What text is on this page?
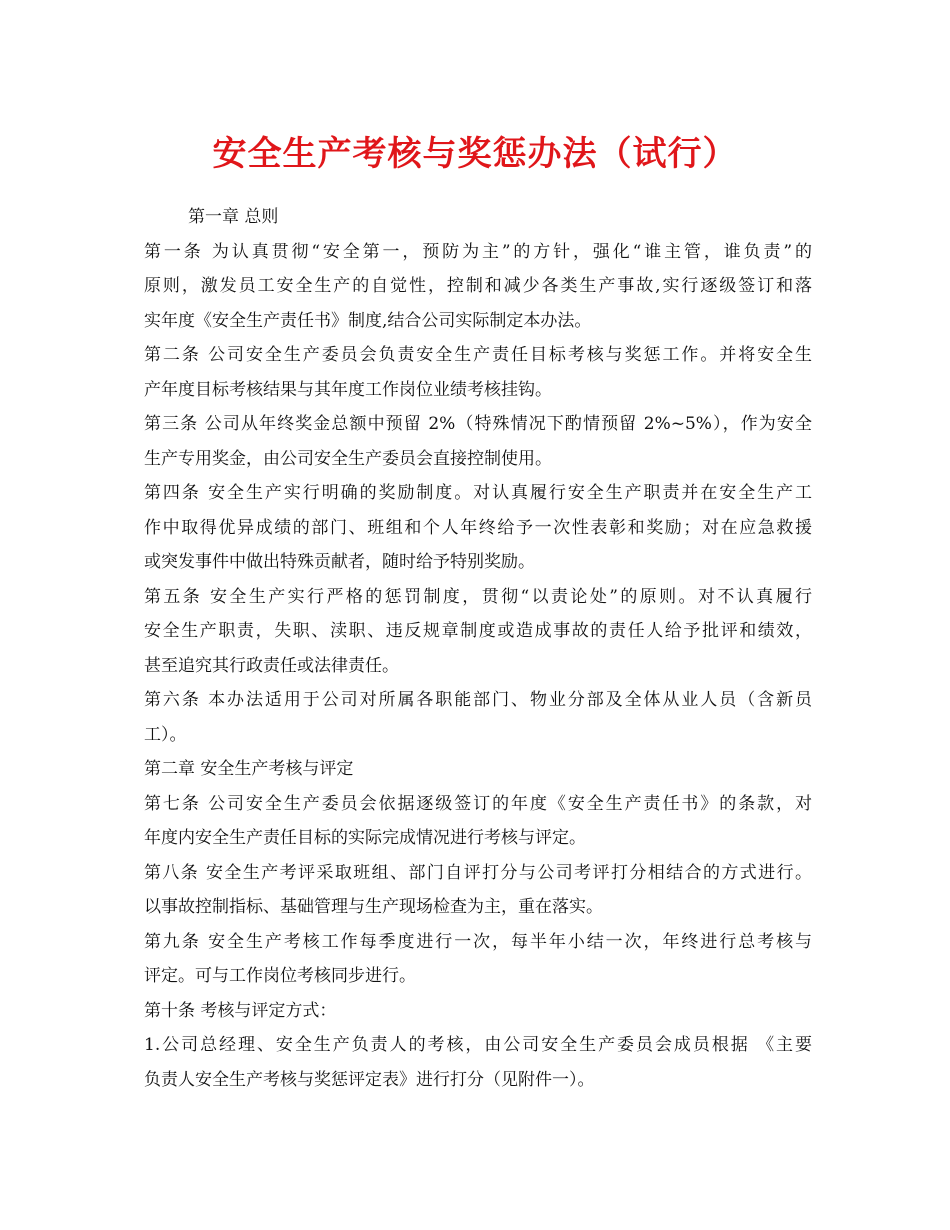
安全生产考核与奖惩办法（试行）
第一章 总则
第一条 为认真贯彻“安全第一，预防为主”的方针，强化“谁主管，谁负责”的
原则，激发员工安全生产的自觉性，控制和减少各类生产事故,实行逐级签订和落
实年度《安全生产责任书》制度,结合公司实际制定本办法。
第二条 公司安全生产委员会负责安全生产责任目标考核与奖惩工作。并将安全生
产年度目标考核结果与其年度工作岗位业绩考核挂钩。
第三条 公司从年终奖金总额中预留 2%（特殊情况下酌情预留 2%~5%），作为安全
生产专用奖金，由公司安全生产委员会直接控制使用。
第四条 安全生产实行明确的奖励制度。对认真履行安全生产职责并在安全生产工
作中取得优异成绩的部门、班组和个人年终给予一次性表彰和奖励；对在应急救援
或突发事件中做出特殊贡献者，随时给予特别奖励。
第五条 安全生产实行严格的惩罚制度，贯彻“以责论处”的原则。对不认真履行
安全生产职责，失职、渎职、违反规章制度或造成事故的责任人给予批评和绩效，
甚至追究其行政责任或法律责任。
第六条 本办法适用于公司对所属各职能部门、物业分部及全体从业人员（含新员
工）。
第二章 安全生产考核与评定
第七条 公司安全生产委员会依据逐级签订的年度《安全生产责任书》的条款，对
年度内安全生产责任目标的实际完成情况进行考核与评定。
第八条 安全生产考评采取班组、部门自评打分与公司考评打分相结合的方式进行。
以事故控制指标、基础管理与生产现场检查为主，重在落实。
第九条 安全生产考核工作每季度进行一次，每半年小结一次，年终进行总考核与
评定。可与工作岗位考核同步进行。
第十条 考核与评定方式：
1.公司总经理、安全生产负责人的考核，由公司安全生产委员会成员根据 《主要
负责人安全生产考核与奖惩评定表》进行打分（见附件一）。
